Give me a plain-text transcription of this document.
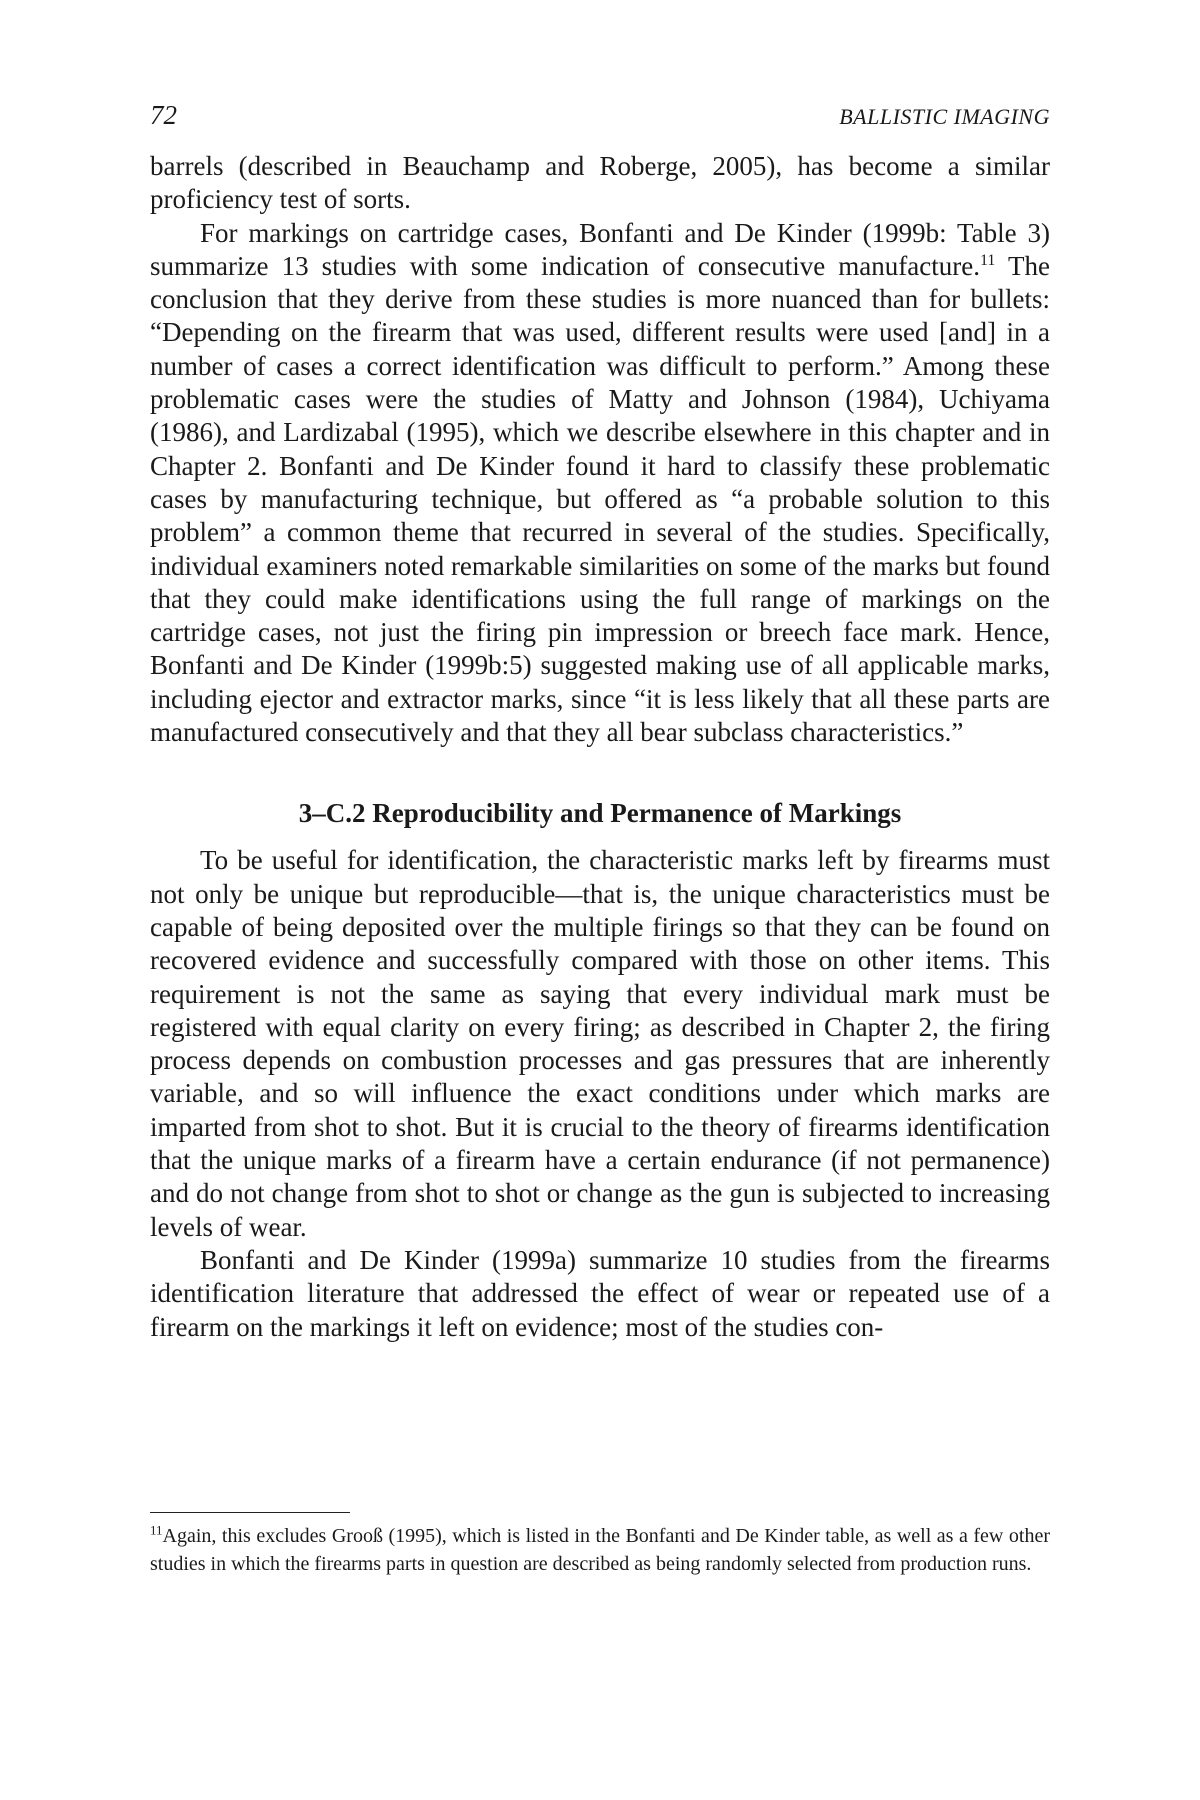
72	BALLISTIC IMAGING

barrels (described in Beauchamp and Roberge, 2005), has become a similar proficiency test of sorts.

For markings on cartridge cases, Bonfanti and De Kinder (1999b: Table 3) summarize 13 studies with some indication of consecutive manufacture.$^{11}$ The conclusion that they derive from these studies is more nuanced than for bullets: “Depending on the firearm that was used, different results were used [and] in a number of cases a correct identification was difficult to perform.” Among these problematic cases were the studies of Matty and Johnson (1984), Uchiyama (1986), and Lardizabal (1995), which we describe elsewhere in this chapter and in Chapter 2. Bonfanti and De Kinder found it hard to classify these problematic cases by manufacturing technique, but offered as “a probable solution to this problem” a common theme that recurred in several of the studies. Specifically, individual examiners noted remarkable similarities on some of the marks but found that they could make identifications using the full range of markings on the cartridge cases, not just the firing pin impression or breech face mark. Hence, Bonfanti and De Kinder (1999b:5) suggested making use of all applicable marks, including ejector and extractor marks, since “it is less likely that all these parts are manufactured consecutively and that they all bear subclass characteristics.”

3–C.2 Reproducibility and Permanence of Markings

To be useful for identification, the characteristic marks left by firearms must not only be unique but reproducible—that is, the unique characteristics must be capable of being deposited over the multiple firings so that they can be found on recovered evidence and successfully compared with those on other items. This requirement is not the same as saying that every individual mark must be registered with equal clarity on every firing; as described in Chapter 2, the firing process depends on combustion processes and gas pressures that are inherently variable, and so will influence the exact conditions under which marks are imparted from shot to shot. But it is crucial to the theory of firearms identification that the unique marks of a firearm have a certain endurance (if not permanence) and do not change from shot to shot or change as the gun is subjected to increasing levels of wear.

Bonfanti and De Kinder (1999a) summarize 10 studies from the firearms identification literature that addressed the effect of wear or repeated use of a firearm on the markings it left on evidence; most of the studies con-

$^{11}$Again, this excludes Grooß (1995), which is listed in the Bonfanti and De Kinder table, as well as a few other studies in which the firearms parts in question are described as being randomly selected from production runs.
